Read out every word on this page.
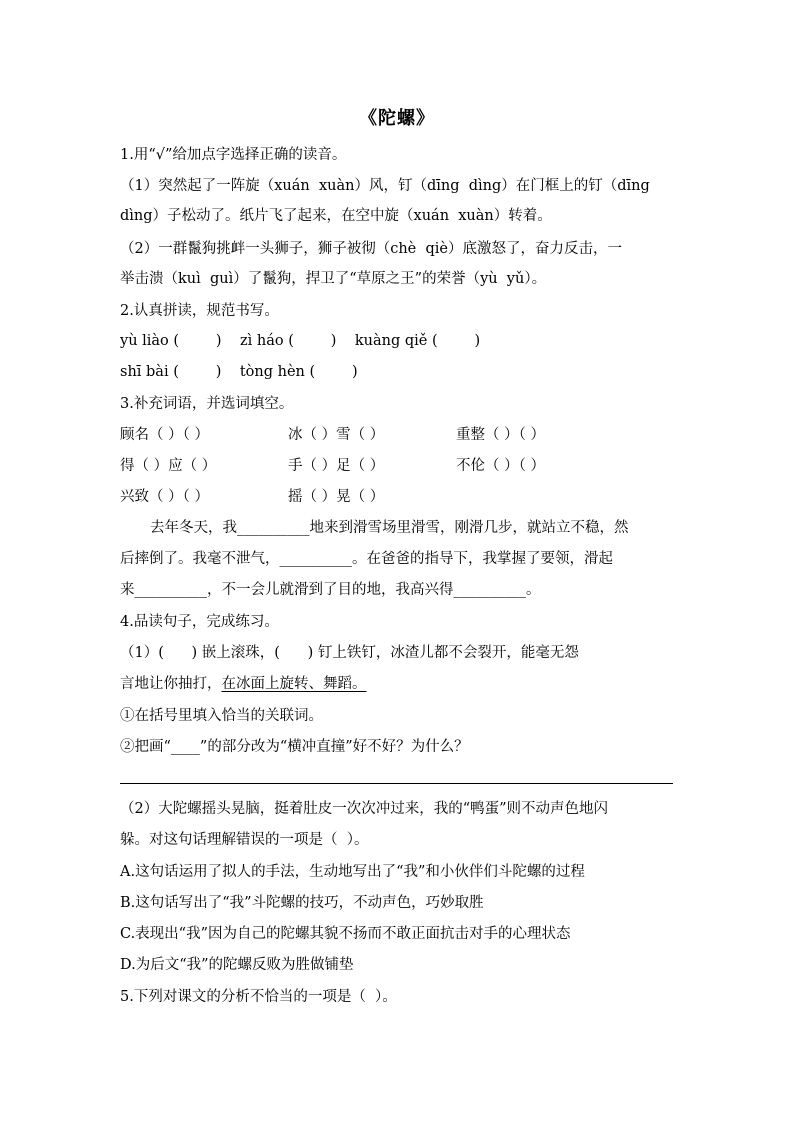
《陀螺》
1.用“√”给加点字选择正确的读音。
（1）突然起了一阵旋（xuán  xuàn）风，钉（dīng  dìng）在门框上的钉（dīng
dìng）子松动了。纸片飞了起来，在空中旋（xuán  xuàn）转着。
（2）一群鬣狗挑衅一头狮子，狮子被彻（chè  qiè）底激怒了，奋力反击，一
举击溃（kuì  guì）了鬣狗，捍卫了“草原之王”的荣誉（yù  yǔ）。
2.认真拼读，规范书写。
yù liào (        )    zì háo (        )    kuàng qiě (        )
shī bài (        )    tòng hèn (        )
3.补充词语，并选词填空。
顾名（ ）（ ）	冰（ ）雪（ ）	重整（ ）（ ）
得（ ）应（ ）	手（ ）足（ ）	不伦（ ）（ ）
兴致（ ）（ ）	摇（ ）晃（ ）
去年冬天，我__________地来到滑雪场里滑雪，刚滑几步，就站立不稳，然
后摔倒了。我毫不泄气，__________。在爸爸的指导下，我掌握了要领，滑起
来__________，不一会儿就滑到了目的地，我高兴得__________。
4.品读句子，完成练习。
（1）(      ) 嵌上滚珠，(      ) 钉上铁钉，冰渣儿都不会裂开，能毫无怨
言地让你抽打，在冰面上旋转、舞蹈。
①在括号里填入恰当的关联词。
②把画“____”的部分改为“横冲直撞”好不好？为什么？
（2）大陀螺摇头晃脑，挺着肚皮一次次冲过来，我的“鸭蛋”则不动声色地闪
躲。对这句话理解错误的一项是（  ）。
A.这句话运用了拟人的手法，生动地写出了“我”和小伙伴们斗陀螺的过程
B.这句话写出了“我”斗陀螺的技巧，不动声色，巧妙取胜
C.表现出“我”因为自己的陀螺其貌不扬而不敢正面抗击对手的心理状态
D.为后文“我”的陀螺反败为胜做铺垫
5.下列对课文的分析不恰当的一项是（  ）。
